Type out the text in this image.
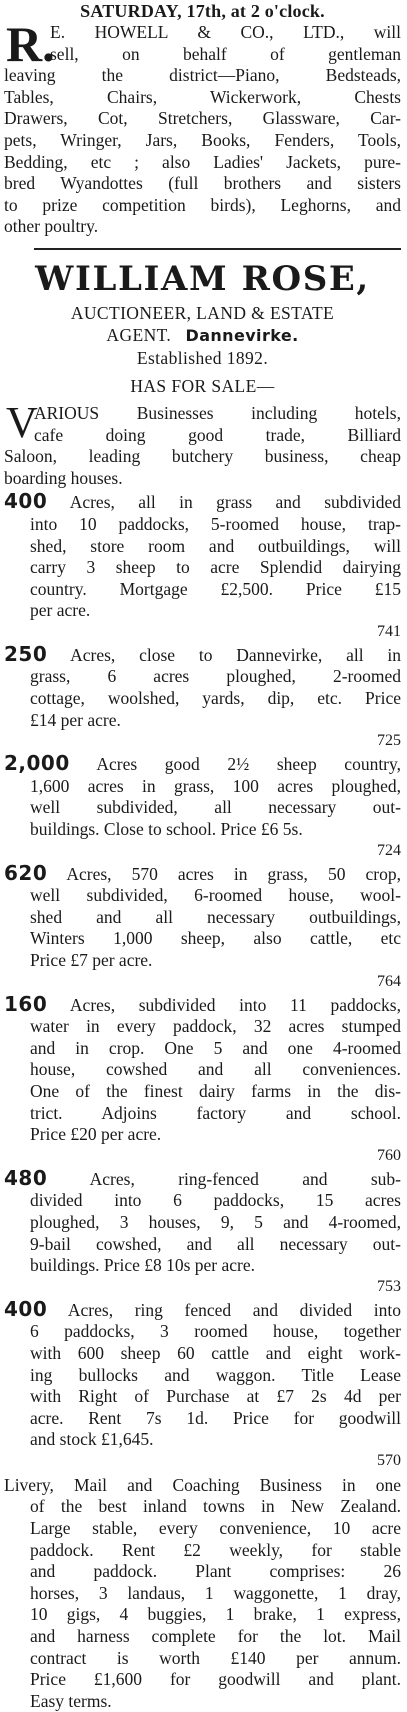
SATURDAY, 17th, at 2 o'clock.
R.
E. HOWELL & CO., LTD., will
sell, on behalf of gentleman
leaving the district—Piano, Bedsteads,
Tables, Chairs, Wickerwork, Chests
Drawers, Cot, Stretchers, Glassware, Car-
pets, Wringer, Jars, Books, Fenders, Tools,
Bedding, etc ; also Ladies' Jackets, pure-
bred Wyandottes (full brothers and sisters
to prize competition birds), Leghorns, and
other poultry.
WILLIAM ROSE,
AUCTIONEER, LAND & ESTATE
AGENT. Dannevirke.
Established 1892.
HAS FOR SALE—
V
ARIOUS Businesses including hotels,
cafe doing good trade, Billiard
Saloon, leading butchery business, cheap
boarding houses.
400 Acres, all in grass and subdivided
into 10 paddocks, 5-roomed house, trap-
shed, store room and outbuildings, will
carry 3 sheep to acre Splendid dairying
country. Mortgage £2,500. Price £15
per acre.
741
250 Acres, close to Dannevirke, all in
grass, 6 acres ploughed, 2-roomed
cottage, woolshed, yards, dip, etc. Price
£14 per acre.
725
2,000 Acres good 2½ sheep country,
1,600 acres in grass, 100 acres ploughed,
well subdivided, all necessary out-
buildings. Close to school. Price £6 5s.
724
620 Acres, 570 acres in grass, 50 crop,
well subdivided, 6-roomed house, wool-
shed and all necessary outbuildings,
Winters 1,000 sheep, also cattle, etc
Price £7 per acre.
764
160 Acres, subdivided into 11 paddocks,
water in every paddock, 32 acres stumped
and in crop. One 5 and one 4-roomed
house, cowshed and all conveniences.
One of the finest dairy farms in the dis-
trict. Adjoins factory and school.
Price £20 per acre.
760
480 Acres, ring-fenced and sub-
divided into 6 paddocks, 15 acres
ploughed, 3 houses, 9, 5 and 4-roomed,
9-bail cowshed, and all necessary out-
buildings. Price £8 10s per acre.
753
400 Acres, ring fenced and divided into
6 paddocks, 3 roomed house, together
with 600 sheep 60 cattle and eight work-
ing bullocks and waggon. Title Lease
with Right of Purchase at £7 2s 4d per
acre. Rent 7s 1d. Price for goodwill
and stock £1,645.
570
Livery, Mail and Coaching Business in one
of the best inland towns in New Zealand.
Large stable, every convenience, 10 acre
paddock. Rent £2 weekly, for stable
and paddock. Plant comprises: 26
horses, 3 landaus, 1 waggonette, 1 dray,
10 gigs, 4 buggies, 1 brake, 1 express,
and harness complete for the lot. Mail
contract is worth £140 per annum.
Price £1,600 for goodwill and plant.
Easy terms.
